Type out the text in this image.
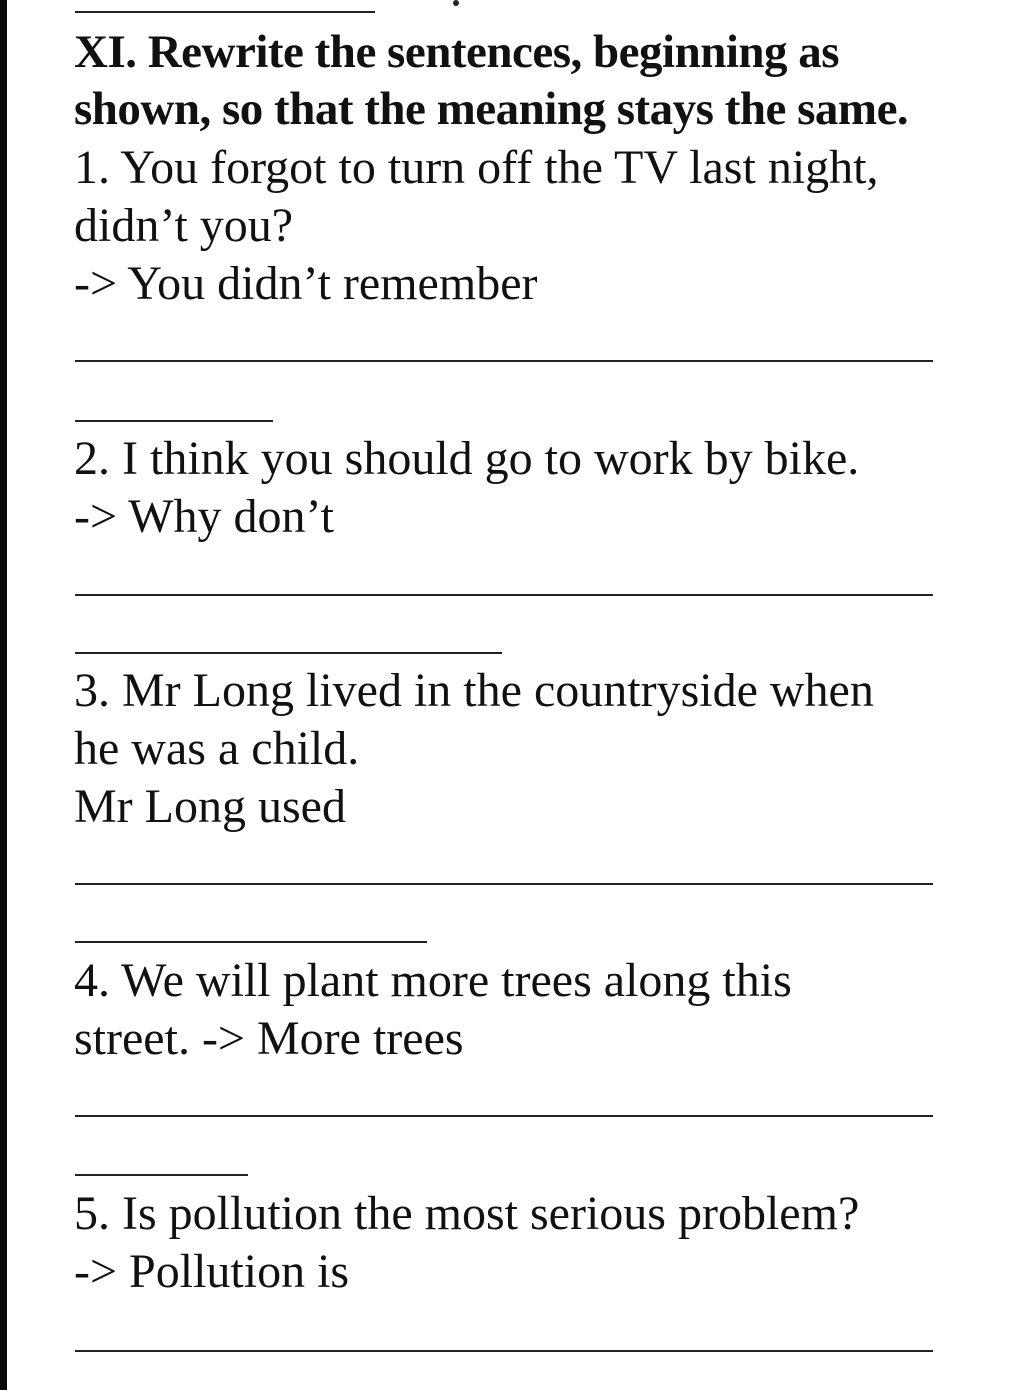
XI. Rewrite the sentences, beginning as
shown, so that the meaning stays the same.
1. You forgot to turn off the TV last night,
didn’t you?
-> You didn’t remember
2. I think you should go to work by bike.
-> Why don’t
3. Mr Long lived in the countryside when
he was a child.
Mr Long used
4. We will plant more trees along this
street. -> More trees
5. Is pollution the most serious problem?
-> Pollution is
